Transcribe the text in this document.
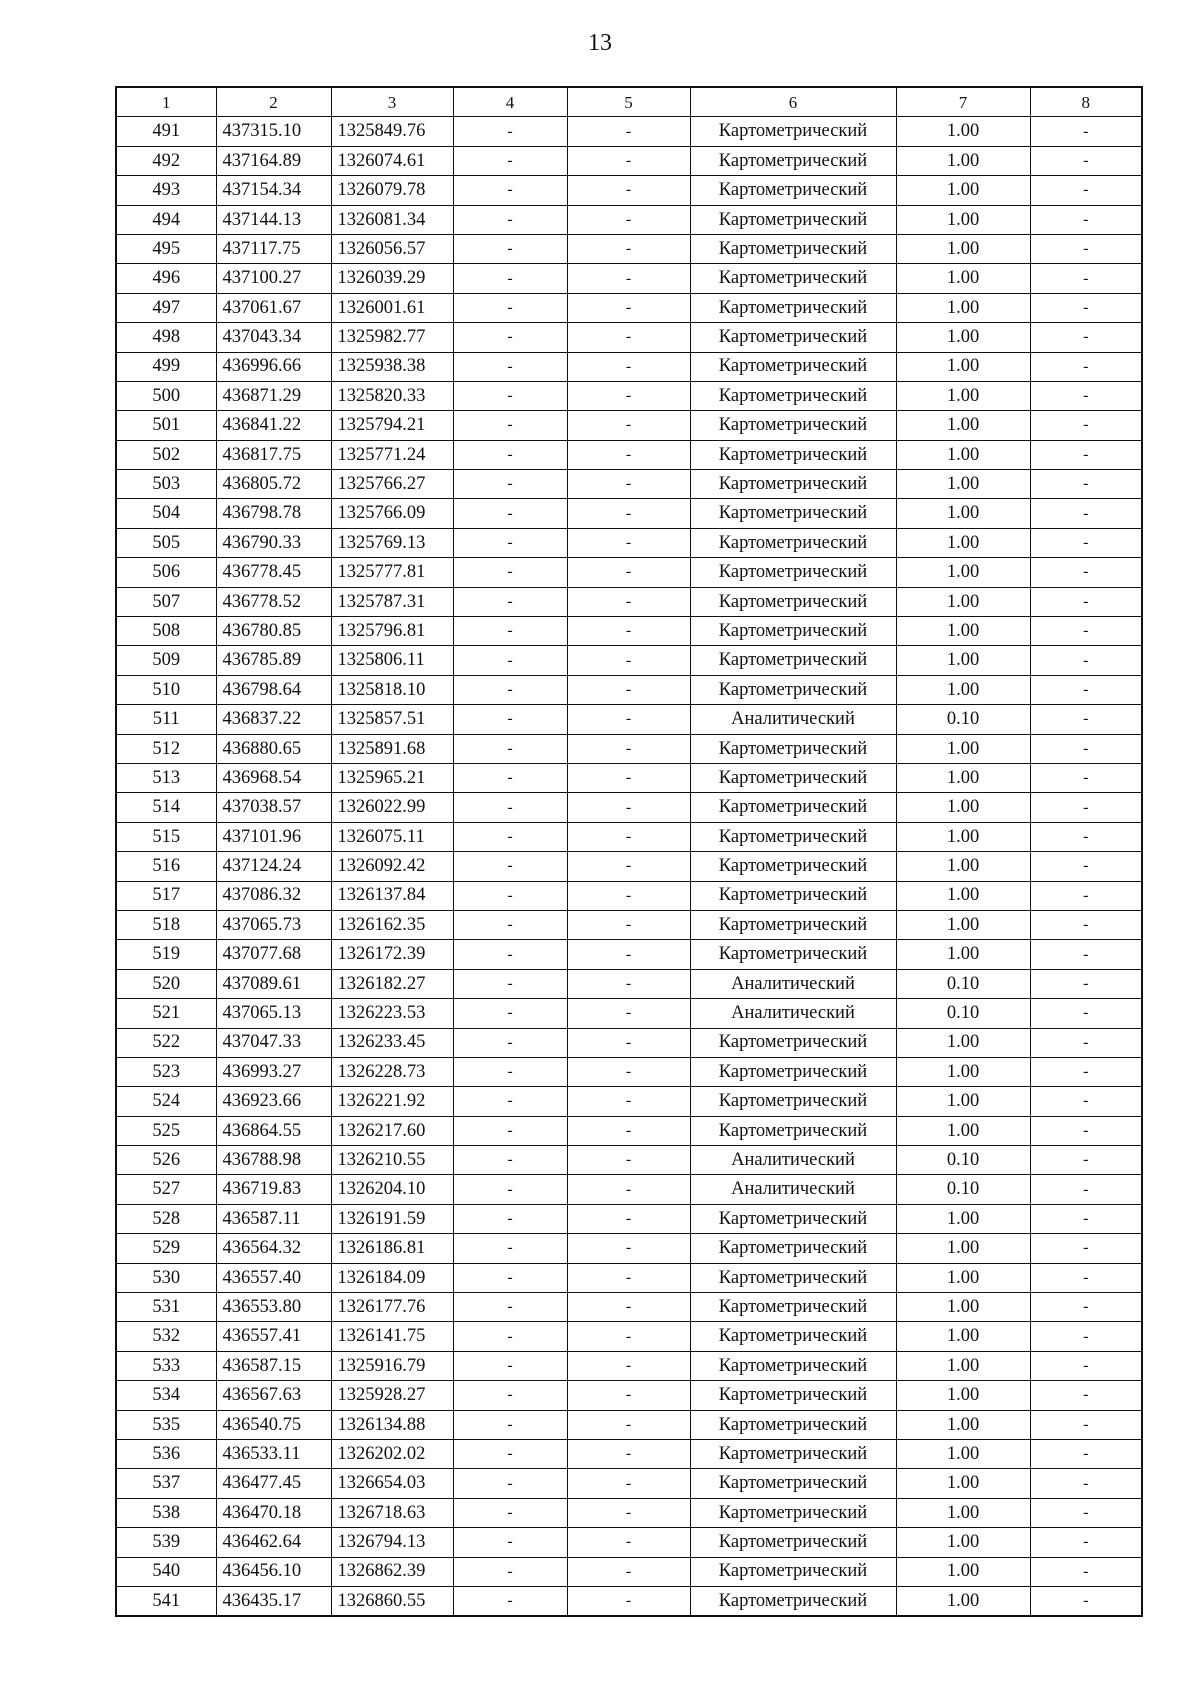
13
1	2	3	4	5	6	7	8
491	437315.10	1325849.76	-	-	Картометрический	1.00	-
492	437164.89	1326074.61	-	-	Картометрический	1.00	-
493	437154.34	1326079.78	-	-	Картометрический	1.00	-
494	437144.13	1326081.34	-	-	Картометрический	1.00	-
495	437117.75	1326056.57	-	-	Картометрический	1.00	-
496	437100.27	1326039.29	-	-	Картометрический	1.00	-
497	437061.67	1326001.61	-	-	Картометрический	1.00	-
498	437043.34	1325982.77	-	-	Картометрический	1.00	-
499	436996.66	1325938.38	-	-	Картометрический	1.00	-
500	436871.29	1325820.33	-	-	Картометрический	1.00	-
501	436841.22	1325794.21	-	-	Картометрический	1.00	-
502	436817.75	1325771.24	-	-	Картометрический	1.00	-
503	436805.72	1325766.27	-	-	Картометрический	1.00	-
504	436798.78	1325766.09	-	-	Картометрический	1.00	-
505	436790.33	1325769.13	-	-	Картометрический	1.00	-
506	436778.45	1325777.81	-	-	Картометрический	1.00	-
507	436778.52	1325787.31	-	-	Картометрический	1.00	-
508	436780.85	1325796.81	-	-	Картометрический	1.00	-
509	436785.89	1325806.11	-	-	Картометрический	1.00	-
510	436798.64	1325818.10	-	-	Картометрический	1.00	-
511	436837.22	1325857.51	-	-	Аналитический	0.10	-
512	436880.65	1325891.68	-	-	Картометрический	1.00	-
513	436968.54	1325965.21	-	-	Картометрический	1.00	-
514	437038.57	1326022.99	-	-	Картометрический	1.00	-
515	437101.96	1326075.11	-	-	Картометрический	1.00	-
516	437124.24	1326092.42	-	-	Картометрический	1.00	-
517	437086.32	1326137.84	-	-	Картометрический	1.00	-
518	437065.73	1326162.35	-	-	Картометрический	1.00	-
519	437077.68	1326172.39	-	-	Картометрический	1.00	-
520	437089.61	1326182.27	-	-	Аналитический	0.10	-
521	437065.13	1326223.53	-	-	Аналитический	0.10	-
522	437047.33	1326233.45	-	-	Картометрический	1.00	-
523	436993.27	1326228.73	-	-	Картометрический	1.00	-
524	436923.66	1326221.92	-	-	Картометрический	1.00	-
525	436864.55	1326217.60	-	-	Картометрический	1.00	-
526	436788.98	1326210.55	-	-	Аналитический	0.10	-
527	436719.83	1326204.10	-	-	Аналитический	0.10	-
528	436587.11	1326191.59	-	-	Картометрический	1.00	-
529	436564.32	1326186.81	-	-	Картометрический	1.00	-
530	436557.40	1326184.09	-	-	Картометрический	1.00	-
531	436553.80	1326177.76	-	-	Картометрический	1.00	-
532	436557.41	1326141.75	-	-	Картометрический	1.00	-
533	436587.15	1325916.79	-	-	Картометрический	1.00	-
534	436567.63	1325928.27	-	-	Картометрический	1.00	-
535	436540.75	1326134.88	-	-	Картометрический	1.00	-
536	436533.11	1326202.02	-	-	Картометрический	1.00	-
537	436477.45	1326654.03	-	-	Картометрический	1.00	-
538	436470.18	1326718.63	-	-	Картометрический	1.00	-
539	436462.64	1326794.13	-	-	Картометрический	1.00	-
540	436456.10	1326862.39	-	-	Картометрический	1.00	-
541	436435.17	1326860.55	-	-	Картометрический	1.00	-
